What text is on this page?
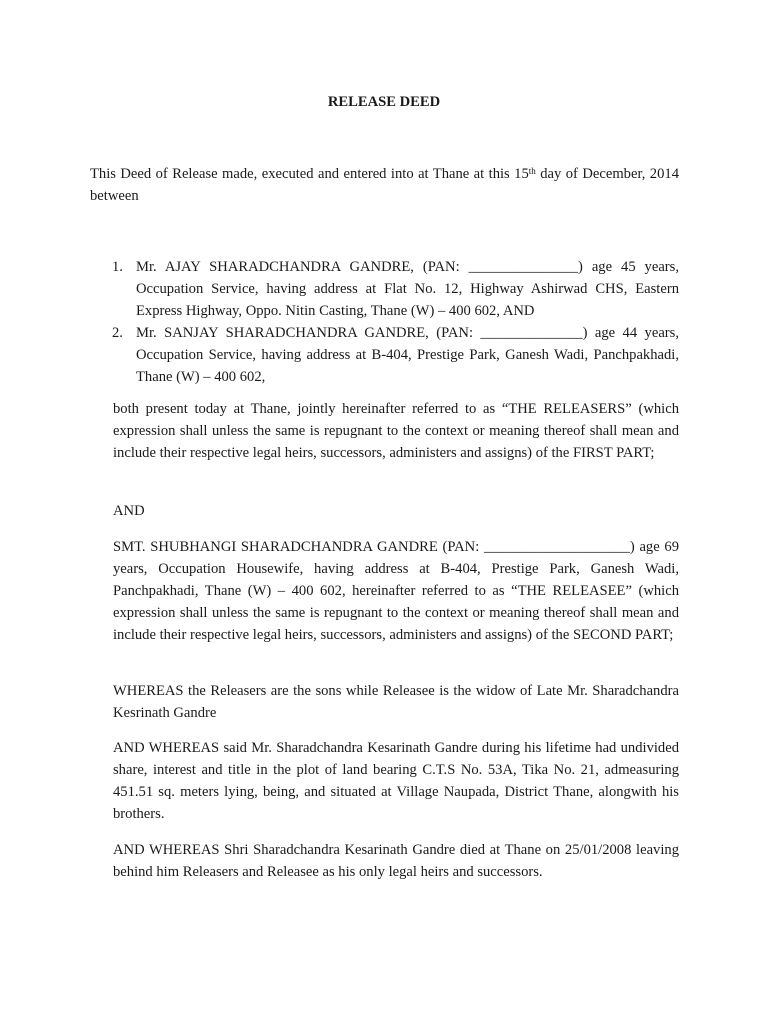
RELEASE DEED
This Deed of Release made, executed and entered into at Thane at this 15th day of December, 2014 between
1. Mr. AJAY SHARADCHANDRA GANDRE, (PAN: _______________) age 45 years, Occupation Service, having address at Flat No. 12, Highway Ashirwad CHS, Eastern Express Highway, Oppo. Nitin Casting, Thane (W) – 400 602, AND
2. Mr. SANJAY SHARADCHANDRA GANDRE, (PAN: ______________) age 44 years, Occupation Service, having address at B-404, Prestige Park, Ganesh Wadi, Panchpakhadi, Thane (W) – 400 602,
both present today at Thane, jointly hereinafter referred to as “THE RELEASERS” (which expression shall unless the same is repugnant to the context or meaning thereof shall mean and include their respective legal heirs, successors, administers and assigns) of the FIRST PART;
AND
SMT. SHUBHANGI SHARADCHANDRA GANDRE (PAN: ____________________) age 69 years, Occupation Housewife, having address at B-404, Prestige Park, Ganesh Wadi, Panchpakhadi, Thane (W) – 400 602, hereinafter referred to as “THE RELEASEE” (which expression shall unless the same is repugnant to the context or meaning thereof shall mean and include their respective legal heirs, successors, administers and assigns) of the SECOND PART;
WHEREAS the Releasers are the sons while Releasee is the widow of Late Mr. Sharadchandra Kesrinath Gandre
AND WHEREAS said Mr. Sharadchandra Kesarinath Gandre during his lifetime had undivided share, interest and title in the plot of land bearing C.T.S No. 53A, Tika No. 21, admeasuring 451.51 sq. meters lying, being, and situated at Village Naupada, District Thane, alongwith his brothers.
AND WHEREAS Shri Sharadchandra Kesarinath Gandre died at Thane on 25/01/2008 leaving behind him Releasers and Releasee as his only legal heirs and successors.
